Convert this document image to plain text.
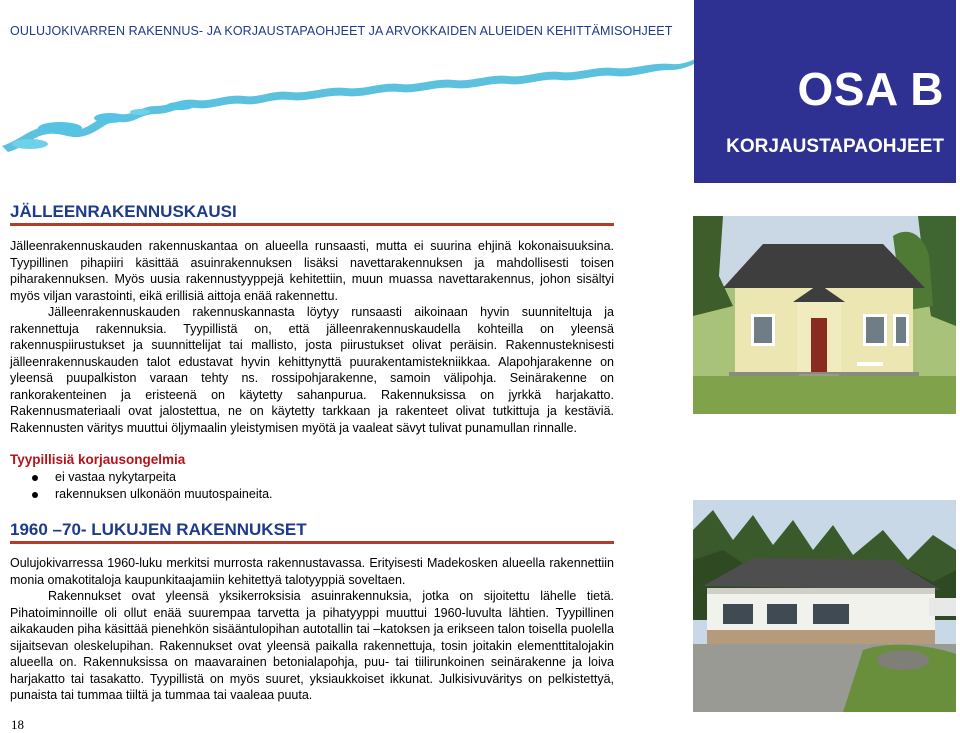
OULUJOKIVARREN RAKENNUS- JA KORJAUSTAPAOHJEET JA ARVOKKAIDEN ALUEIDEN KEHITTÄMISOHJEET
OSA B
KORJAUSTAPAOHJEET
JÄLLEENRAKENNUSKAUSI

Jälleenrakennuskauden rakennuskantaa on alueella runsaasti, mutta ei suurina ehjinä kokonaisuuksina. Tyypillinen pihapiiri käsittää asuinrakennuksen lisäksi navettarakennuksen ja mahdollisesti toisen piharakennuksen. Myös uusia rakennustyyppejä kehitettiin, muun muassa navettarakennus, johon sisältyi myös viljan varastointi, eikä erillisiä aittoja enää rakennettu.

Jälleenrakennuskauden rakennuskannasta löytyy runsaasti aikoinaan hyvin suunniteltuja ja rakennettuja rakennuksia. Tyypillistä on, että jälleenrakennuskaudella kohteilla on yleensä rakennuspiirustukset ja suunnittelijat tai mallisto, josta piirustukset olivat peräisin. Rakennusteknisesti jälleenrakennuskauden talot edustavat hyvin kehittynyttä puurakentamistekniikkaa. Alapohjarakenne on yleensä puupalkiston varaan tehty ns. rossipohjarakenne, samoin välipohja. Seinärakenne on rankorakenteinen ja eristeenä on käytetty sahanpurua. Rakennuksissa on jyrkkä harjakatto. Rakennusmateriaali ovat jalostettua, ne on käytetty tarkkaan ja rakenteet olivat tutkittuja ja kestäviä. Rakennusten väritys muuttui öljymaalin yleistymisen myötä ja vaaleat sävyt tulivat punamullan rinnalle.

Tyypillisiä korjausongelmia
ei vastaa nykytarpeita
rakennuksen ulkonäön muutospaineita.
1960 –70- LUKUJEN RAKENNUKSET

Oulujokivarressa 1960-luku merkitsi murrosta rakennustavassa. Erityisesti Madekosken alueella rakennettiin monia omakotitaloja kaupunkitaajamiin kehitettyä talotyyppiä soveltaen.

Rakennukset ovat yleensä yksikerroksisia asuinrakennuksia, jotka on sijoitettu lähelle tietä. Pihatoiminnoille oli ollut enää suurempaa tarvetta ja pihatyyppi muuttui 1960-luvulta lähtien. Tyypillinen aikakauden piha käsittää pienehkön sisääntulopihan autotallin tai –katoksen ja erikseen talon toisella puolella sijaitsevan oleskelupihan. Rakennukset ovat yleensä paikalla rakennettuja, tosin joitakin elementtitalojakin alueella on. Rakennuksissa on maavarainen betonialapohja, puu- tai tiilirunkoinen seinärakenne ja loiva harjakatto tai tasakatto. Tyypillistä on myös suuret, yksiaukkoiset ikkunat. Julkisivuväritys on pelkistettyä, punaista tai tummaa tiiltä ja tummaa tai vaaleaa puuta.

18
